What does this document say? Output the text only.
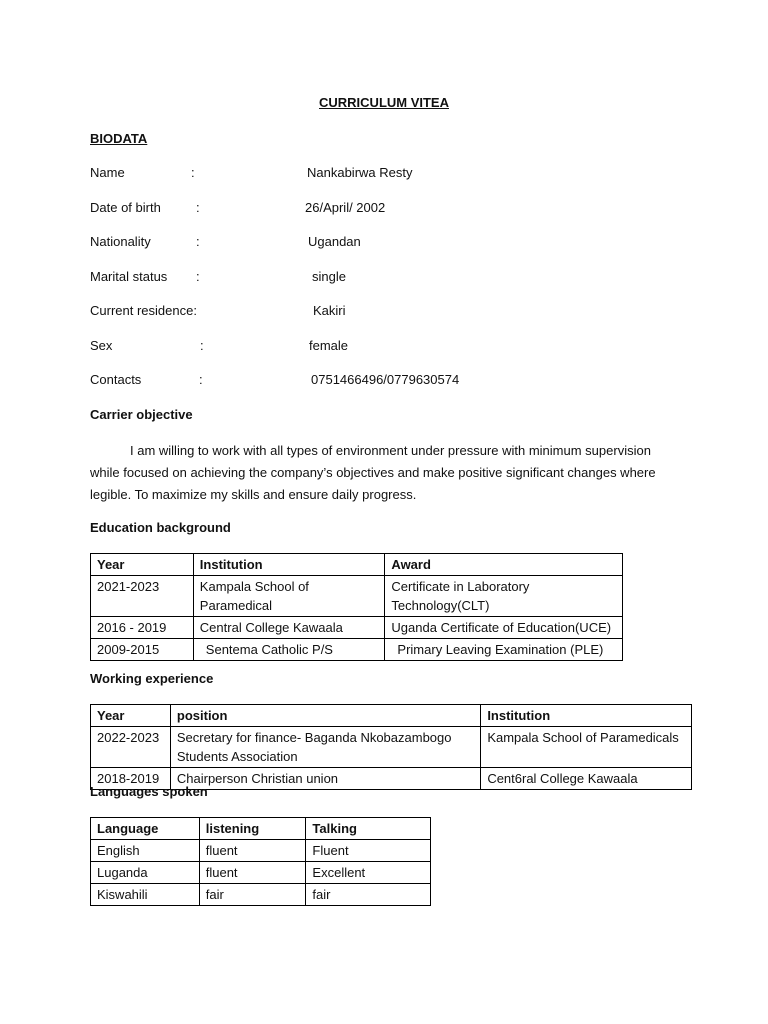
CURRICULUM VITEA
BIODATA
Name	:	Nankabirwa Resty
Date of birth	:	26/April/ 2002
Nationality	:	Ugandan
Marital status :	single
Current residence:	Kakiri
Sex	:	female
Contacts	:	0751466496/0779630574
Carrier objective
I am willing to work with all types of environment under pressure with minimum supervision while focused on achieving the company’s objectives and make positive significant changes where legible. To maximize my skills and ensure daily progress.
Education background
Year	Institution	Award
2021-2023	Kampala School of Paramedical	Certificate in Laboratory Technology(CLT)
2016 - 2019	Central College Kawaala	Uganda Certificate of Education(UCE)
2009-2015	Sentema Catholic P/S	Primary Leaving Examination (PLE)
Working experience
Year	position	Institution
2022-2023	Secretary for finance- Baganda Nkobazambogo Students Association	Kampala School of Paramedicals
2018-2019	Chairperson Christian union	Cent6ral College Kawaala
Languages spoken
Language	listening	Talking
English	fluent	Fluent
Luganda	fluent	Excellent
Kiswahili	fair	fair
